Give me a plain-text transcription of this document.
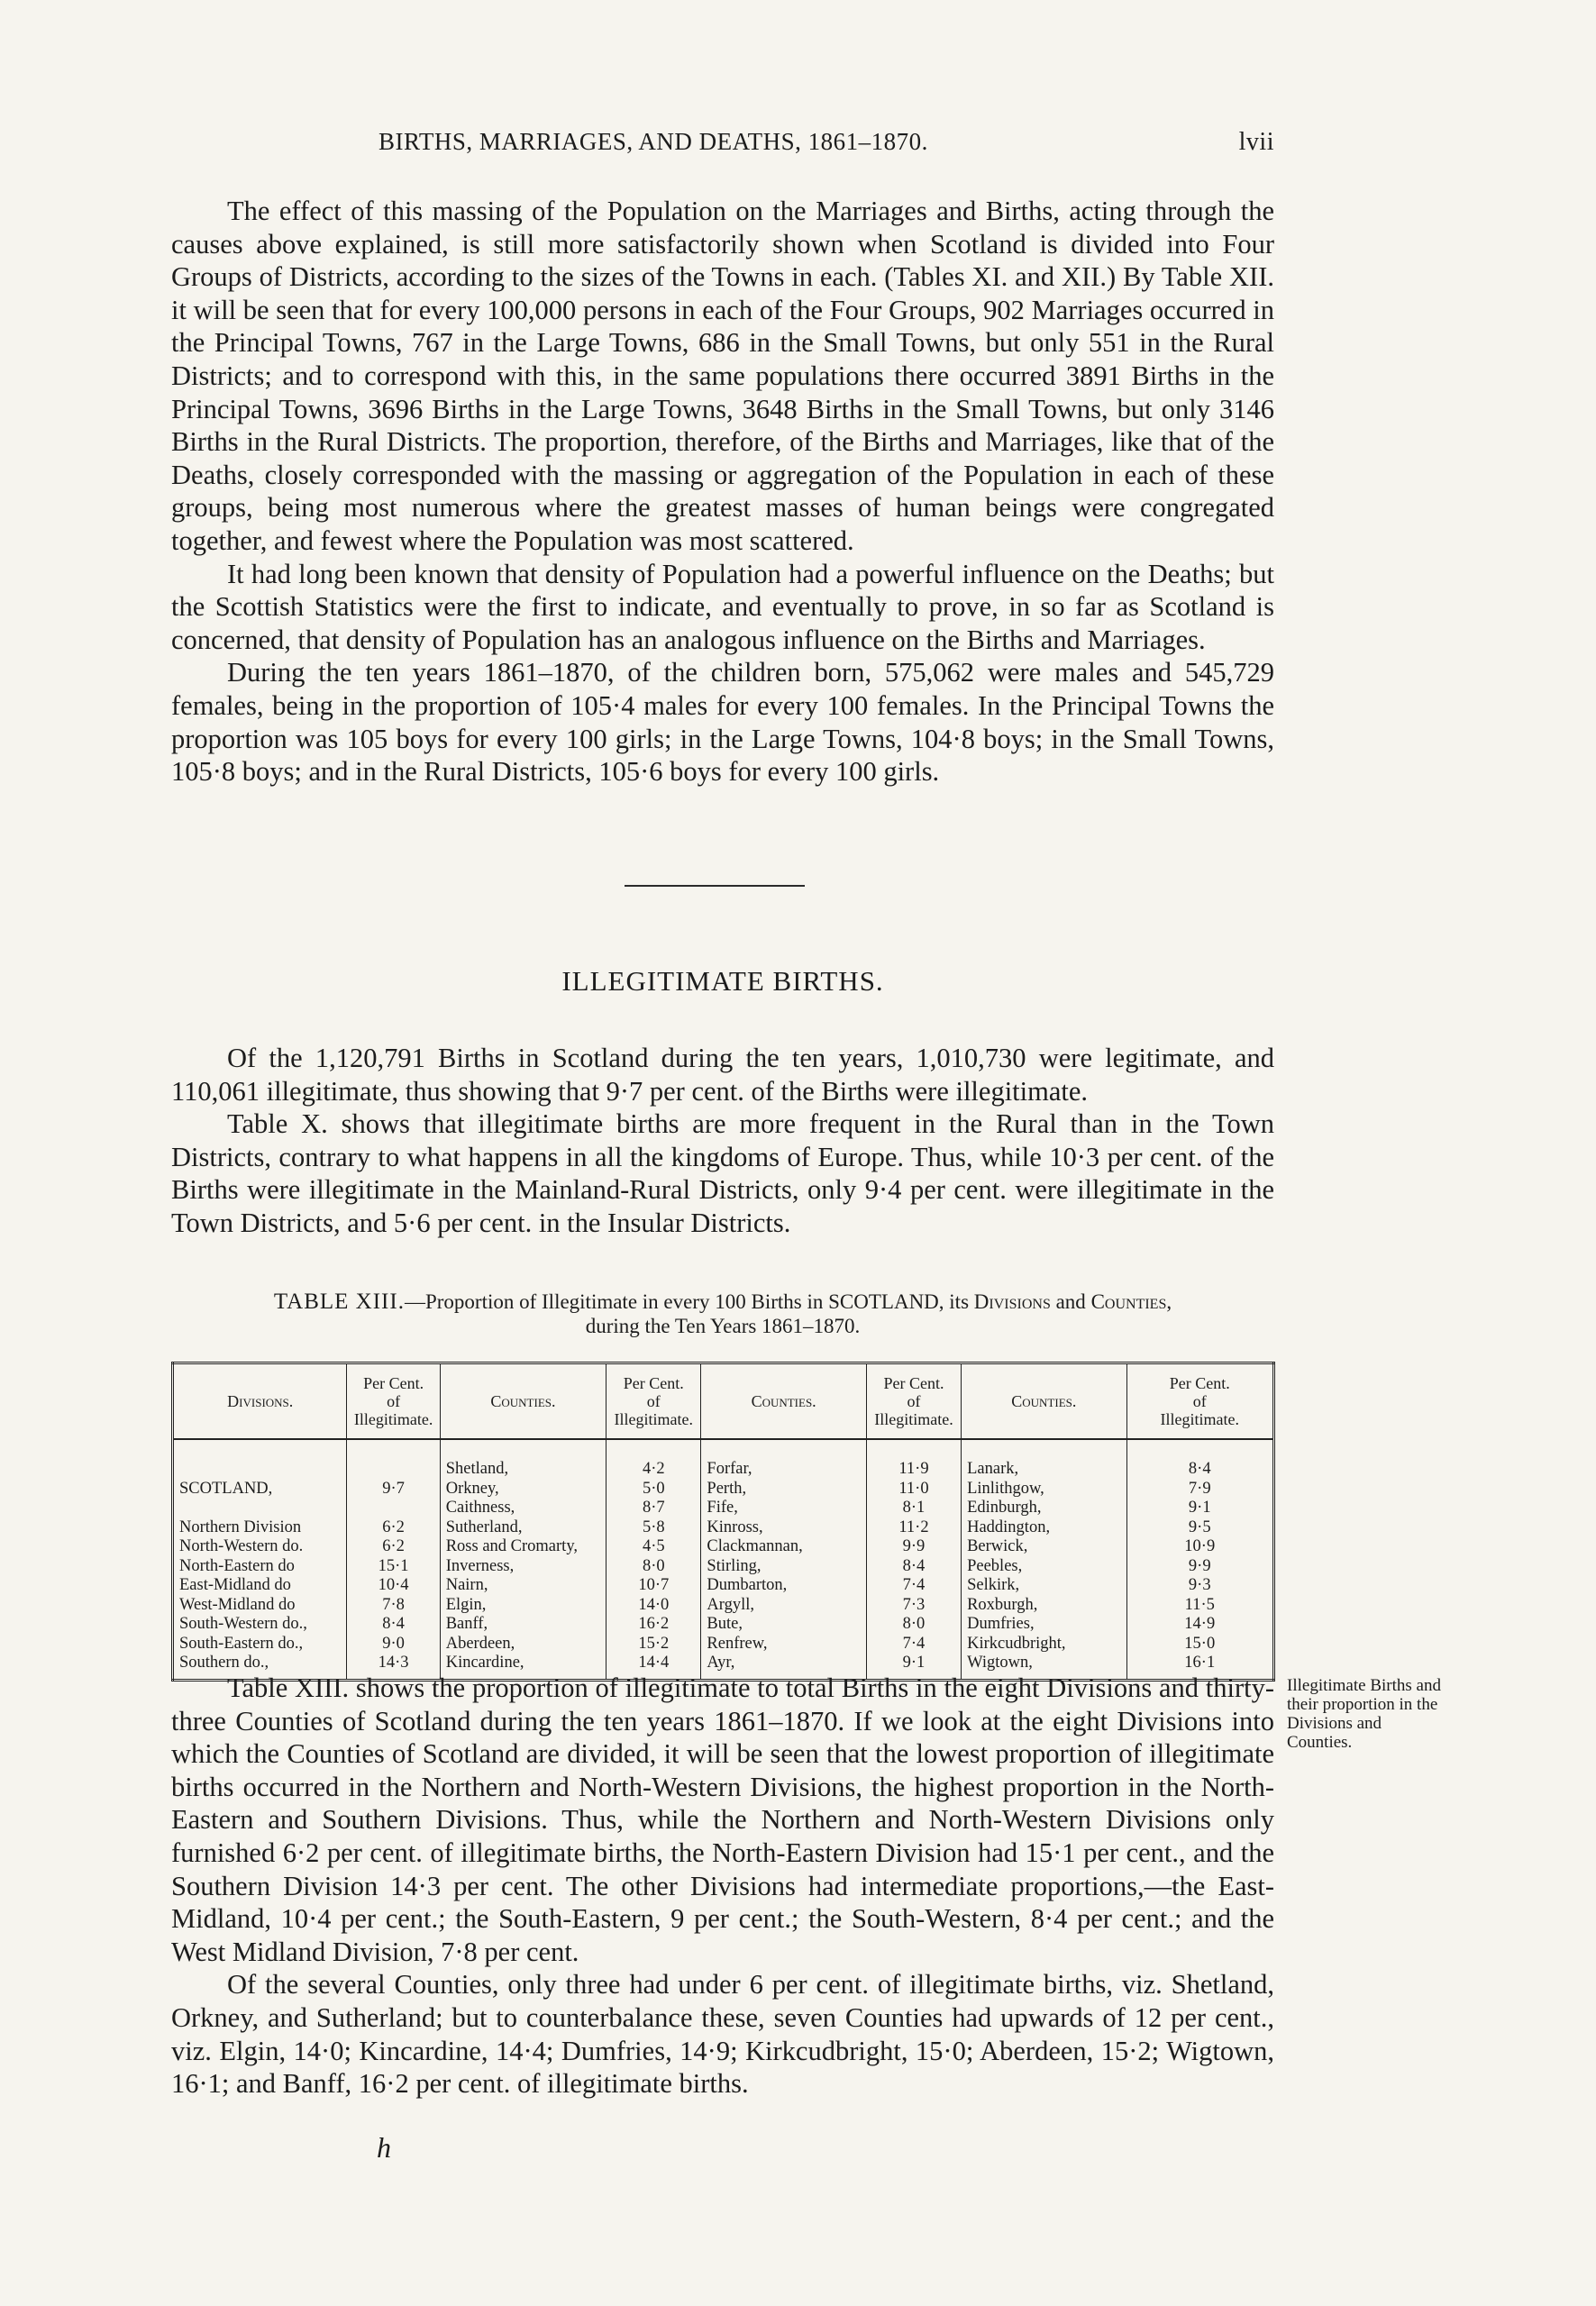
BIRTHS, MARRIAGES, AND DEATHS, 1861–1870.	lvii

The effect of this massing of the Population on the Marriages and Births, acting through the causes above explained, is still more satisfactorily shown when Scotland is divided into Four Groups of Districts, according to the sizes of the Towns in each. (Tables XI. and XII.) By Table XII. it will be seen that for every 100,000 persons in each of the Four Groups, 902 Marriages occurred in the Principal Towns, 767 in the Large Towns, 686 in the Small Towns, but only 551 in the Rural Districts; and to correspond with this, in the same populations there occurred 3891 Births in the Principal Towns, 3696 Births in the Large Towns, 3648 Births in the Small Towns, but only 3146 Births in the Rural Districts. The proportion, therefore, of the Births and Marriages, like that of the Deaths, closely corresponded with the massing or aggregation of the Population in each of these groups, being most numerous where the greatest masses of human beings were congregated together, and fewest where the Population was most scattered.

It had long been known that density of Population had a powerful influence on the Deaths; but the Scottish Statistics were the first to indicate, and eventually to prove, in so far as Scotland is concerned, that density of Population has an analogous influence on the Births and Marriages.

During the ten years 1861–1870, of the children born, 575,062 were males and 545,729 females, being in the proportion of 105·4 males for every 100 females. In the Principal Towns the proportion was 105 boys for every 100 girls; in the Large Towns, 104·8 boys; in the Small Towns, 105·8 boys; and in the Rural Districts, 105·6 boys for every 100 girls.

ILLEGITIMATE BIRTHS.

Of the 1,120,791 Births in Scotland during the ten years, 1,010,730 were legitimate, and 110,061 illegitimate, thus showing that 9·7 per cent. of the Births were illegitimate.

Table X. shows that illegitimate births are more frequent in the Rural than in the Town Districts, contrary to what happens in all the kingdoms of Europe. Thus, while 10·3 per cent. of the Births were illegitimate in the Mainland-Rural Districts, only 9·4 per cent. were illegitimate in the Town Districts, and 5·6 per cent. in the Insular Districts.

TABLE XIII.—Proportion of Illegitimate in every 100 Births in SCOTLAND, its Divisions and Counties,
during the Ten Years 1861–1870.
Divisions.	Per Cent.
of
Illegitimate.	Counties.	Per Cent.
of
Illegitimate.	Counties.	Per Cent.
of
Illegitimate.	Counties.	Per Cent.
of
Illegitimate.
		Shetland,	4·2	Forfar,	11·9	Lanark,	8·4
SCOTLAND,	9·7	Orkney,	5·0	Perth,	11·0	Linlithgow,	7·9
		Caithness,	8·7	Fife,	8·1	Edinburgh,	9·1
Northern Division	6·2	Sutherland,	5·8	Kinross,	11·2	Haddington,	9·5
North-Western do.	6·2	Ross and Cromarty,	4·5	Clackmannan,	9·9	Berwick,	10·9
North-Eastern do	15·1	Inverness,	8·0	Stirling,	8·4	Peebles,	9·9
East-Midland do	10·4	Nairn,	10·7	Dumbarton,	7·4	Selkirk,	9·3
West-Midland do	7·8	Elgin,	14·0	Argyll,	7·3	Roxburgh,	11·5
South-Western do.,	8·4	Banff,	16·2	Bute,	8·0	Dumfries,	14·9
South-Eastern do.,	9·0	Aberdeen,	15·2	Renfrew,	7·4	Kirkcudbright,	15·0
Southern do.,	14·3	Kincardine,	14·4	Ayr,	9·1	Wigtown,	16·1

Table XIII. shows the proportion of illegitimate to total Births in the eight Divisions and thirty-three Counties of Scotland during the ten years 1861–1870. If we look at the eight Divisions into which the Counties of Scotland are divided, it will be seen that the lowest proportion of illegitimate births occurred in the Northern and North-Western Divisions, the highest proportion in the North-Eastern and Southern Divisions. Thus, while the Northern and North-Western Divisions only furnished 6·2 per cent. of illegitimate births, the North-Eastern Division had 15·1 per cent., and the Southern Division 14·3 per cent. The other Divisions had intermediate proportions,—the East-Midland, 10·4 per cent.; the South-Eastern, 9 per cent.; the South-Western, 8·4 per cent.; and the West Midland Division, 7·8 per cent.

Of the several Counties, only three had under 6 per cent. of illegitimate births, viz. Shetland, Orkney, and Sutherland; but to counterbalance these, seven Counties had upwards of 12 per cent., viz. Elgin, 14·0; Kincardine, 14·4; Dumfries, 14·9; Kirkcudbright, 15·0; Aberdeen, 15·2; Wigtown, 16·1; and Banff, 16·2 per cent. of illegitimate births.

Illegitimate Births and their proportion in the Divisions and Counties.
h
